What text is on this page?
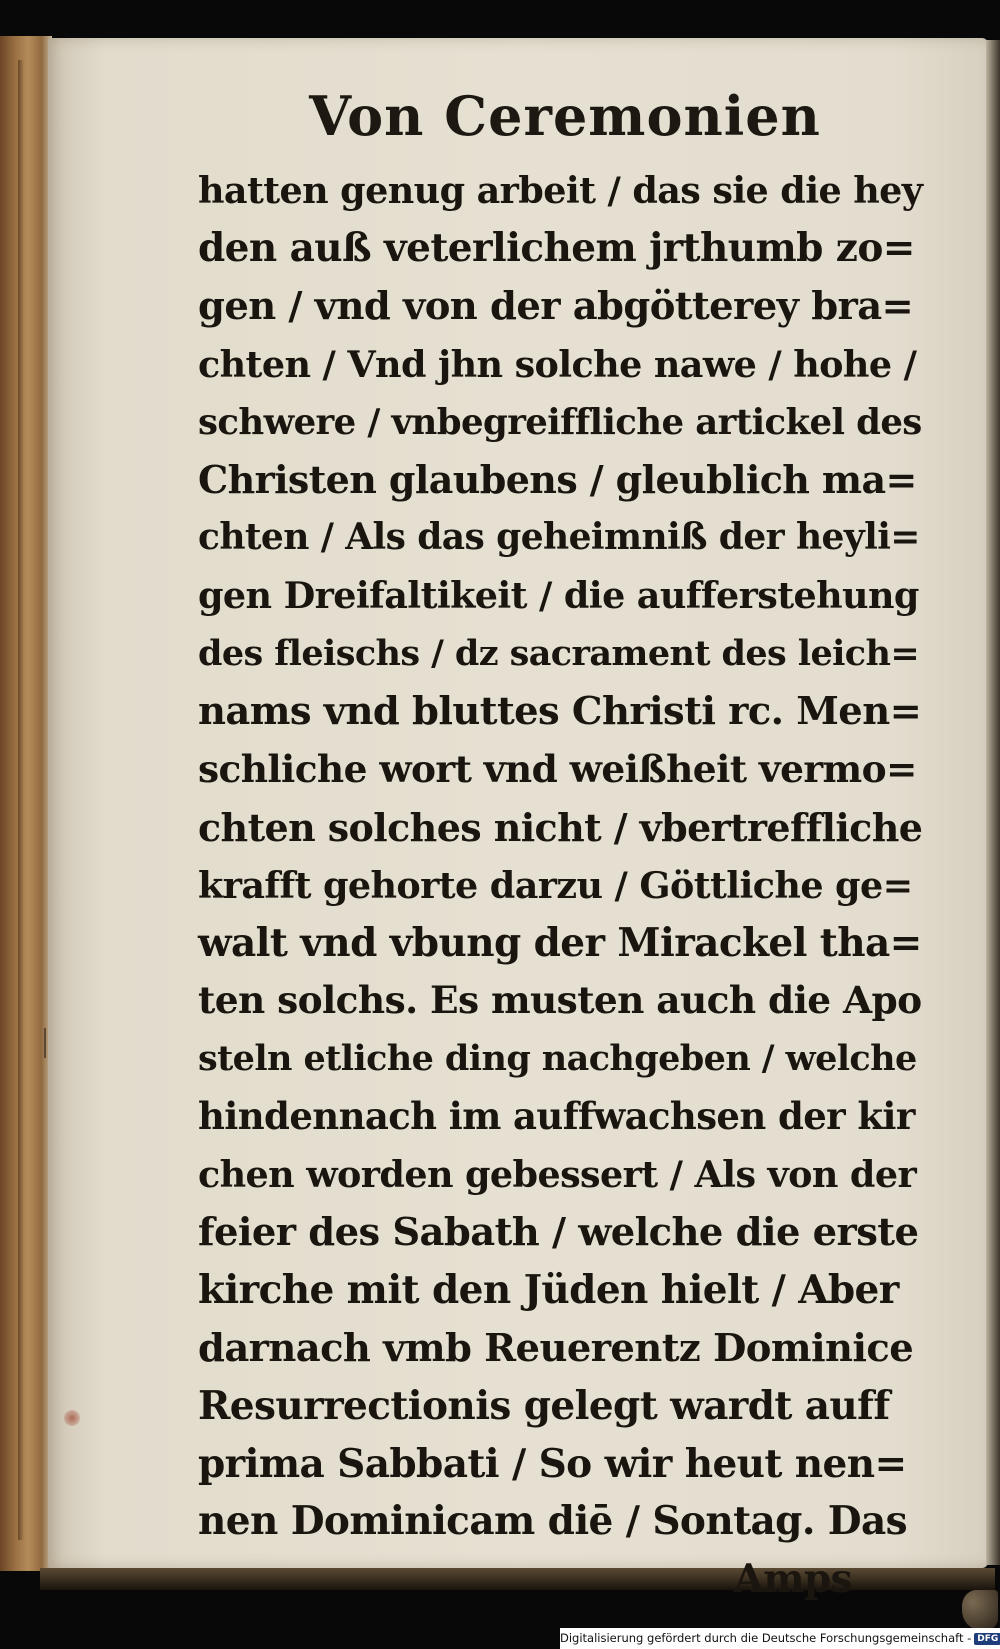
Von Ceremonien
hatten genug arbeit / das sie die hey
den auß veterlichem jrthumb zo=
gen / vnd von der abgötterey bra=
chten / Vnd jhn solche nawe / hohe /
schwere / vnbegreiffliche artickel des
Christen glaubens / gleublich ma=
chten / Als das geheimniß der heyli=
gen Dreifaltikeit / die aufferstehung
des fleischs / dz sacrament des leich=
nams vnd bluttes Christi rc. Men=
schliche wort vnd weißheit vermo=
chten solches nicht / vbertreffliche
krafft gehorte darzu / Göttliche ge=
walt vnd vbung der Mirackel tha=
ten solchs. Es musten auch die Apo
steln etliche ding nachgeben / welche
hindennach im auffwachsen der kir
chen worden gebessert / Als von der
feier des Sabath / welche die erste
kirche mit den Jüden hielt / Aber
darnach vmb Reuerentz Dominice
Resurrectionis gelegt wardt auff
prima Sabbati / So wir heut nen=
nen Dominicam diē / Sontag. Das
Amps
Digitalisierung gefördert durch die Deutsche Forschungsgemeinschaft - DFG
